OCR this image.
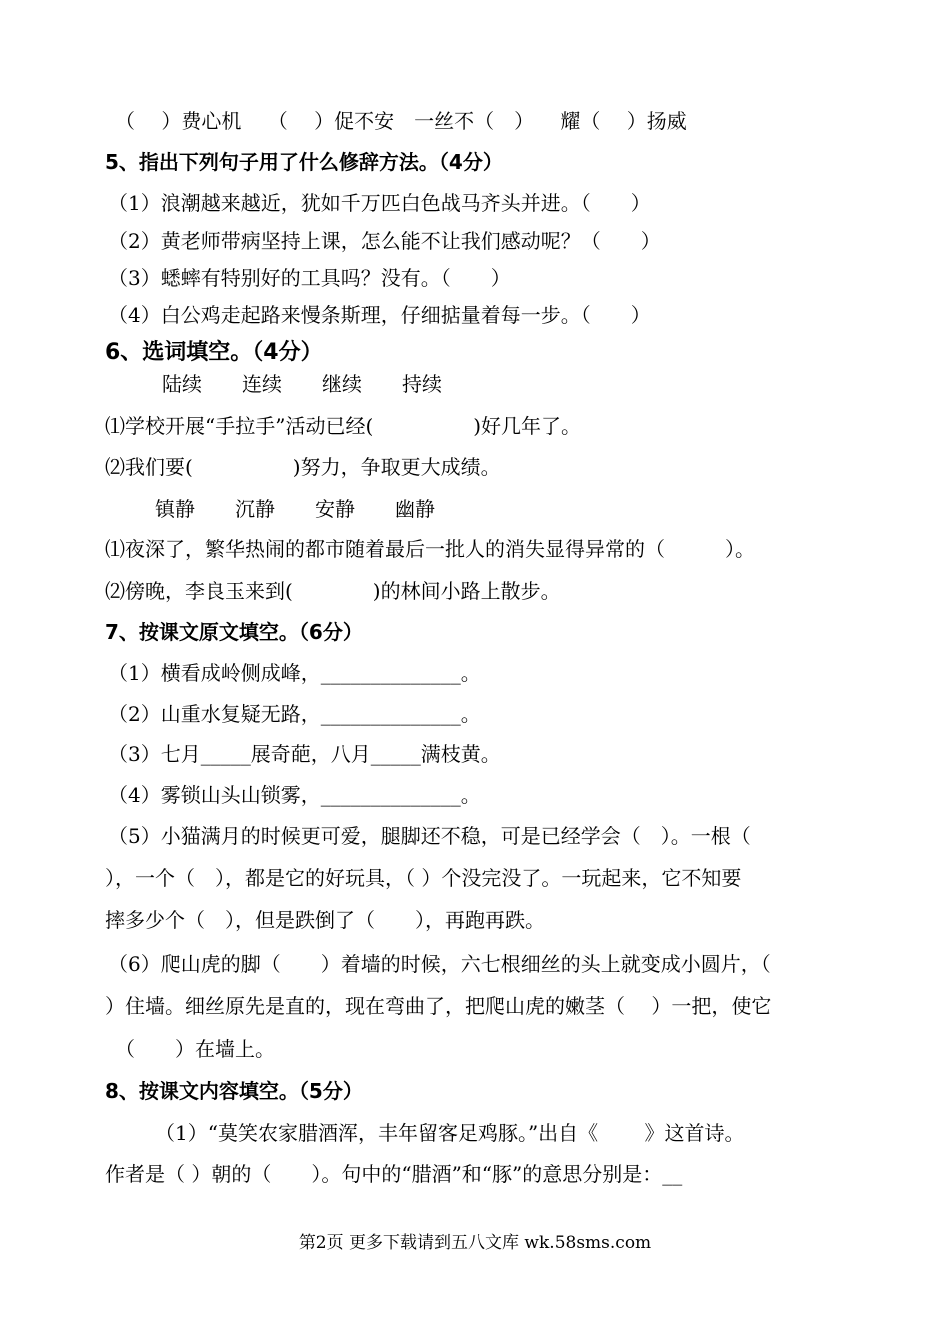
（　 ）费心机　 （　 ）促不安　一丝不（　） 　耀（　 ）扬威
5、指出下列句子用了什么修辞方法。（4分）
（1）浪潮越来越近，犹如千万匹白色战马齐头并进。（　　）
（2）黄老师带病坚持上课，怎么能不让我们感动呢？（　　）
（3）蟋蟀有特别好的工具吗？没有。（　　）
（4）白公鸡走起路来慢条斯理，仔细掂量着每一步。（　　）
6、选词填空。（4分）
陆续　　连续　　继续　　持续
⑴学校开展“手拉手”活动已经(　　　　　)好几年了。
⑵我们要(　　　　　)努力，争取更大成绩。
镇静　　沉静　　安静　　幽静
⑴夜深了，繁华热闹的都市随着最后一批人的消失显得异常的（　　　）。
⑵傍晚，李良玉来到(　　　　)的林间小路上散步。
7、按课文原文填空。（6分）
（1）横看成岭侧成峰，______________。
（2）山重水复疑无路，______________。
（3）七月_____展奇葩，八月_____满枝黄。
（4）雾锁山头山锁雾，______________。
（5）小猫满月的时候更可爱，腿脚还不稳，可是已经学会（　）。一根（
），一个（　），都是它的好玩具，（ ）个没完没了。一玩起来，它不知要
摔多少个（　），但是跌倒了（　　），再跑再跌。
（6）爬山虎的脚（　　）着墙的时候，六七根细丝的头上就变成小圆片，（
）住墙。细丝原先是直的，现在弯曲了，把爬山虎的嫩茎（　 ）一把，使它
（　　）在墙上。
8、按课文内容填空。（5分）
（1）“莫笑农家腊酒浑，丰年留客足鸡豚。”出自《　　 》这首诗。
作者是（ ）朝的（　　）。句中的“腊酒”和“豚”的意思分别是：__
第2页 更多下载请到五八文库 wk.58sms.com
